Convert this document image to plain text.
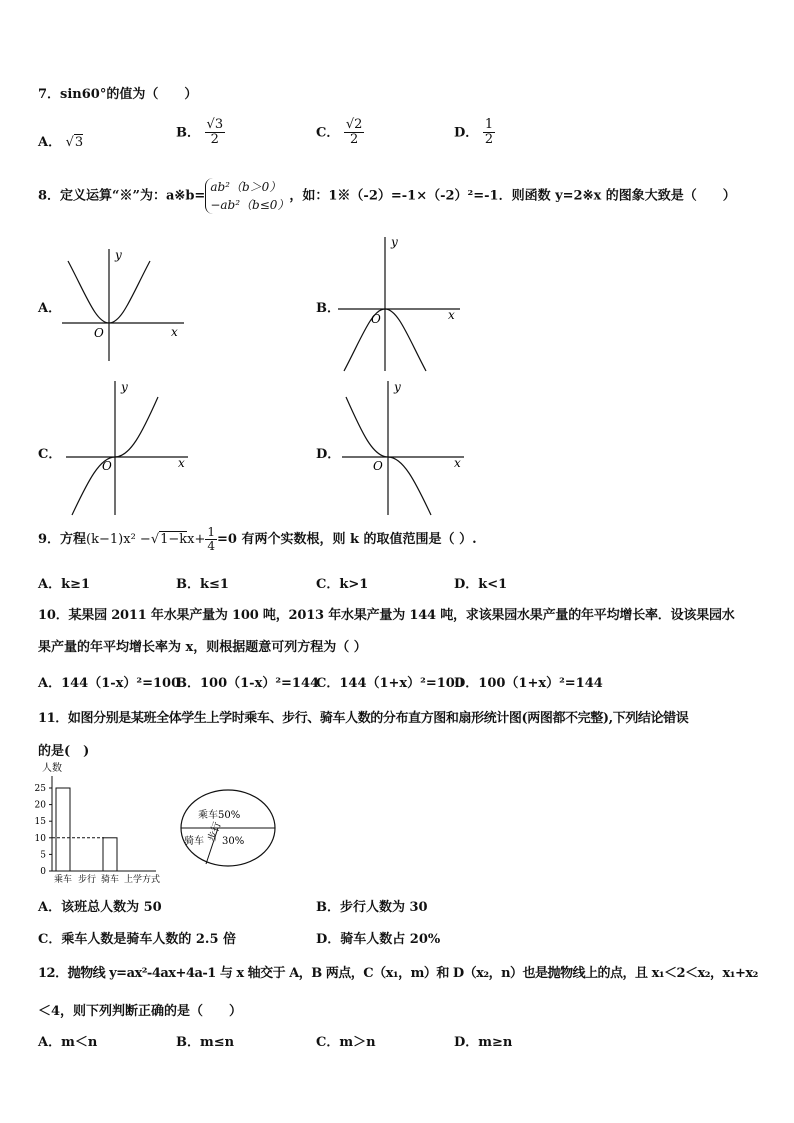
7．sin60°的值为（　　）
A． √3
B． $\frac{√3}{2}$	C． $\frac{√2}{2}$	D． $\frac{1}{2}$
8．定义运算“※”为：a※b=
ab²（b＞0）
−ab²（b≤0）
，如：1※（-2）=-1×（-2）²=-1．则函数 y=2※x 的图象大致是（　　）
A．
y
x
O
B．
y
x
O
C．
y
x
O
D．
y
x
O
9．方程$(k-1)x^2 -√1-kx+ \frac{1}{4} =0$ 有两个实数根，则 k 的取值范围是（ ）.
A．k≥1	B．k≤1	C．k>1	D．k<1
10．某果园 2011 年水果产量为 100 吨，2013 年水果产量为 144 吨，求该果园水果产量的年平均增长率．设该果园水
果产量的年平均增长率为 x，则根据题意可列方程为（ ）
A．144（1-x）²=100
B．100（1-x）²=144
C．144（1+x）²=100
D．100（1+x）²=144
11．如图分别是某班全体学生上学时乘车、步行、骑车人数的分布直方图和扇形统计图(两图都不完整),下列结论错误
的是(　)
人数
0
5
10
15
20
25
乘车 步行 骑车 上学方式
乘车50%
骑车 步行
30%
A．该班总人数为 50	B．步行人数为 30
C．乘车人数是骑车人数的 2.5 倍	D．骑车人数占 20%
12．抛物线 y=ax²-4ax+4a-1 与 x 轴交于 A，B 两点，C（x₁，m）和 D（x₂，n）也是抛物线上的点，且 x₁＜2＜x₂，x₁+x₂
＜4，则下列判断正确的是（　　）
A．m＜n	B．m≤n	C．m＞n	D．m≥n
